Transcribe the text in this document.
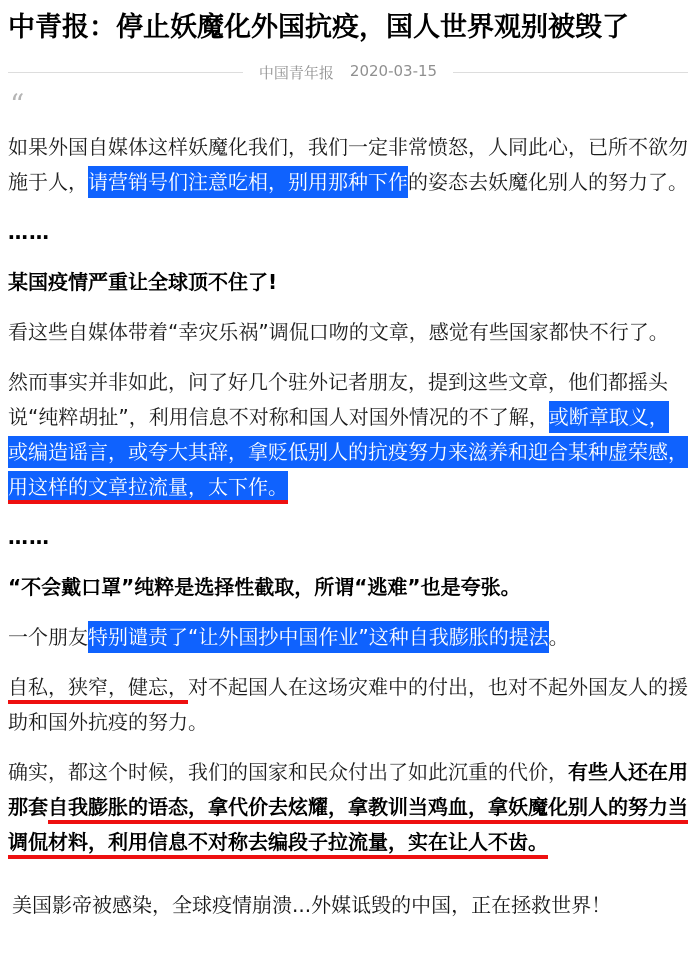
中青报：停止妖魔化外国抗疫，国人世界观别被毁了
中国青年报 2020-03-15
“
如果外国自媒体这样妖魔化我们，我们一定非常愤怒，人同此心，已所不欲勿施于人，请营销号们注意吃相，别用那种下作的姿态去妖魔化别人的努力了。
……
某国疫情严重让全球顶不住了!
看这些自媒体带着“幸灾乐祸”调侃口吻的文章，感觉有些国家都快不行了。
然而事实并非如此，问了好几个驻外记者朋友，提到这些文章，他们都摇头说“纯粹胡扯”，利用信息不对称和国人对国外情况的不了解，或断章取义，或编造谣言，或夸大其辞，拿贬低别人的抗疫努力来滋养和迎合某种虚荣感，用这样的文章拉流量，太下作。
……
“不会戴口罩”纯粹是选择性截取，所谓“逃难”也是夸张。
一个朋友特别谴责了“让外国抄中国作业”这种自我膨胀的提法。
自私，狭窄，健忘，对不起国人在这场灾难中的付出，也对不起外国友人的援助和国外抗疫的努力。
确实，都这个时候，我们的国家和民众付出了如此沉重的代价，有些人还在用那套自我膨胀的语态，拿代价去炫耀，拿教训当鸡血，拿妖魔化别人的努力当调侃材料，利用信息不对称去编段子拉流量，实在让人不齿。
美国影帝被感染，全球疫情崩溃...外媒诋毁的中国，正在拯救世界！
